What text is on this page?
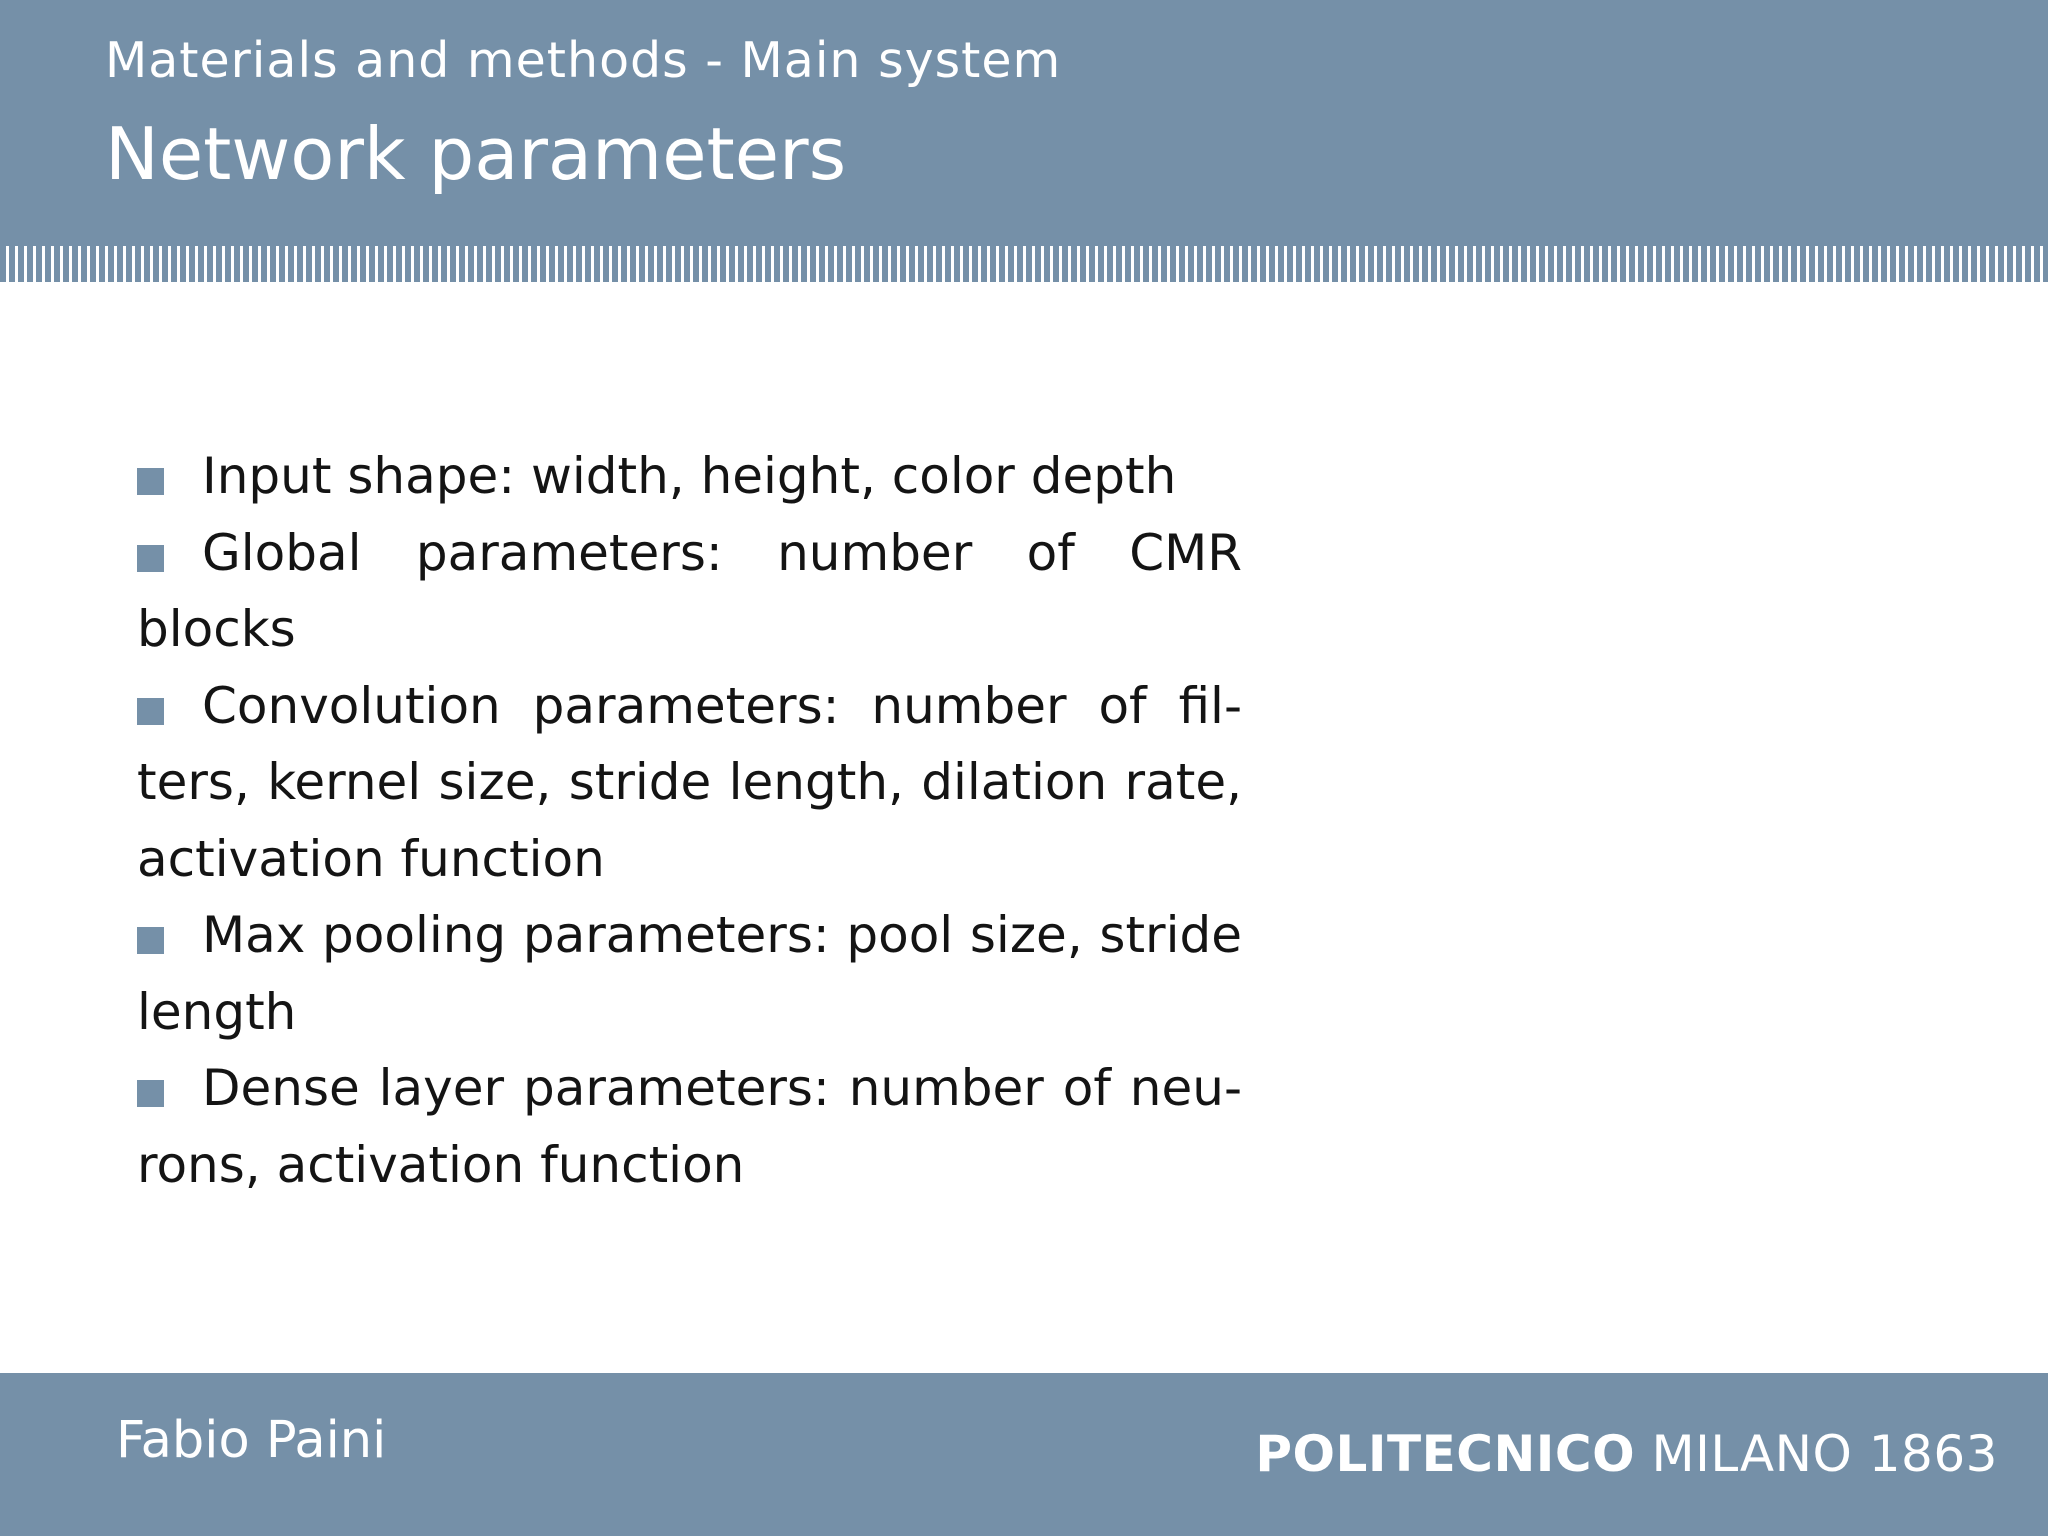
Materials and methods - Main system
Network parameters
Input shape: width, height, color depth
Global parameters: number of CMR blocks
Convolution parameters: number of filters, kernel size, stride length, dilation rate, activation function
Max pooling parameters: pool size, stride length
Dense layer parameters: number of neurons, activation function
Fabio Paini	POLITECNICO MILANO 1863
